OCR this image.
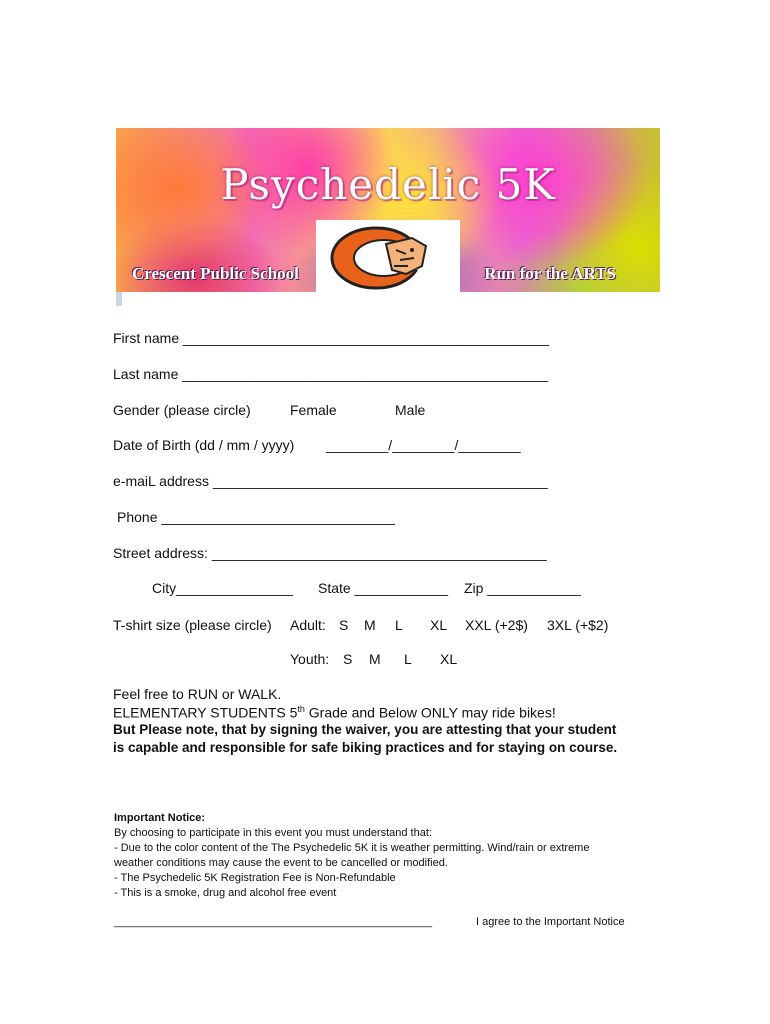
Psychedelic 5K
Crescent Public School	Run for the ARTS
First name _______________________________________________
Last name _______________________________________________
Gender (please circle)	Female	Male
Date of Birth (dd / mm / yyyy) ________/________/________
e-maiL address ___________________________________________
Phone ______________________________
Street address: ___________________________________________
City_______________ State ____________ Zip ____________
T-shirt size (please circle) Adult: S M L XL XXL (+2$) 3XL (+$2)
Youth: S M L XL
Feel free to RUN or WALK.
ELEMENTARY STUDENTS 5th Grade and Below ONLY may ride bikes!
But Please note, that by signing the waiver, you are attesting that your student
is capable and responsible for safe biking practices and for staying on course.
Important Notice:
By choosing to participate in this event you must understand that:
- Due to the color content of the The Psychedelic 5K it is weather permitting. Wind/rain or extreme
weather conditions may cause the event to be cancelled or modified.
- The Psychedelic 5K Registration Fee is Non-Refundable
- This is a smoke, drug and alcohol free event
____________________________________________________	I agree to the Important Notice
